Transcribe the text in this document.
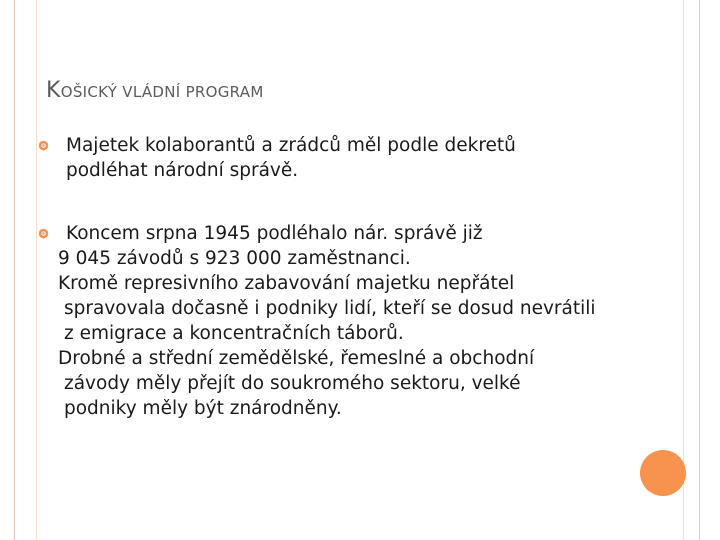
KOŠICKÝ VLÁDNÍ PROGRAM
Majetek kolaborantů a zrádců měl podle dekretů
podléhat národní správě.
Koncem srpna 1945 podléhalo nár. správě již
9 045 závodů s 923 000 zaměstnanci.
Kromě represivního zabavování majetku nepřátel
spravovala dočasně i podniky lidí, kteří se dosud nevrátili
z emigrace a koncentračních táborů.
Drobné a střední zemědělské, řemeslné a obchodní
závody měly přejít do soukromého sektoru, velké
podniky měly být znárodněny.
